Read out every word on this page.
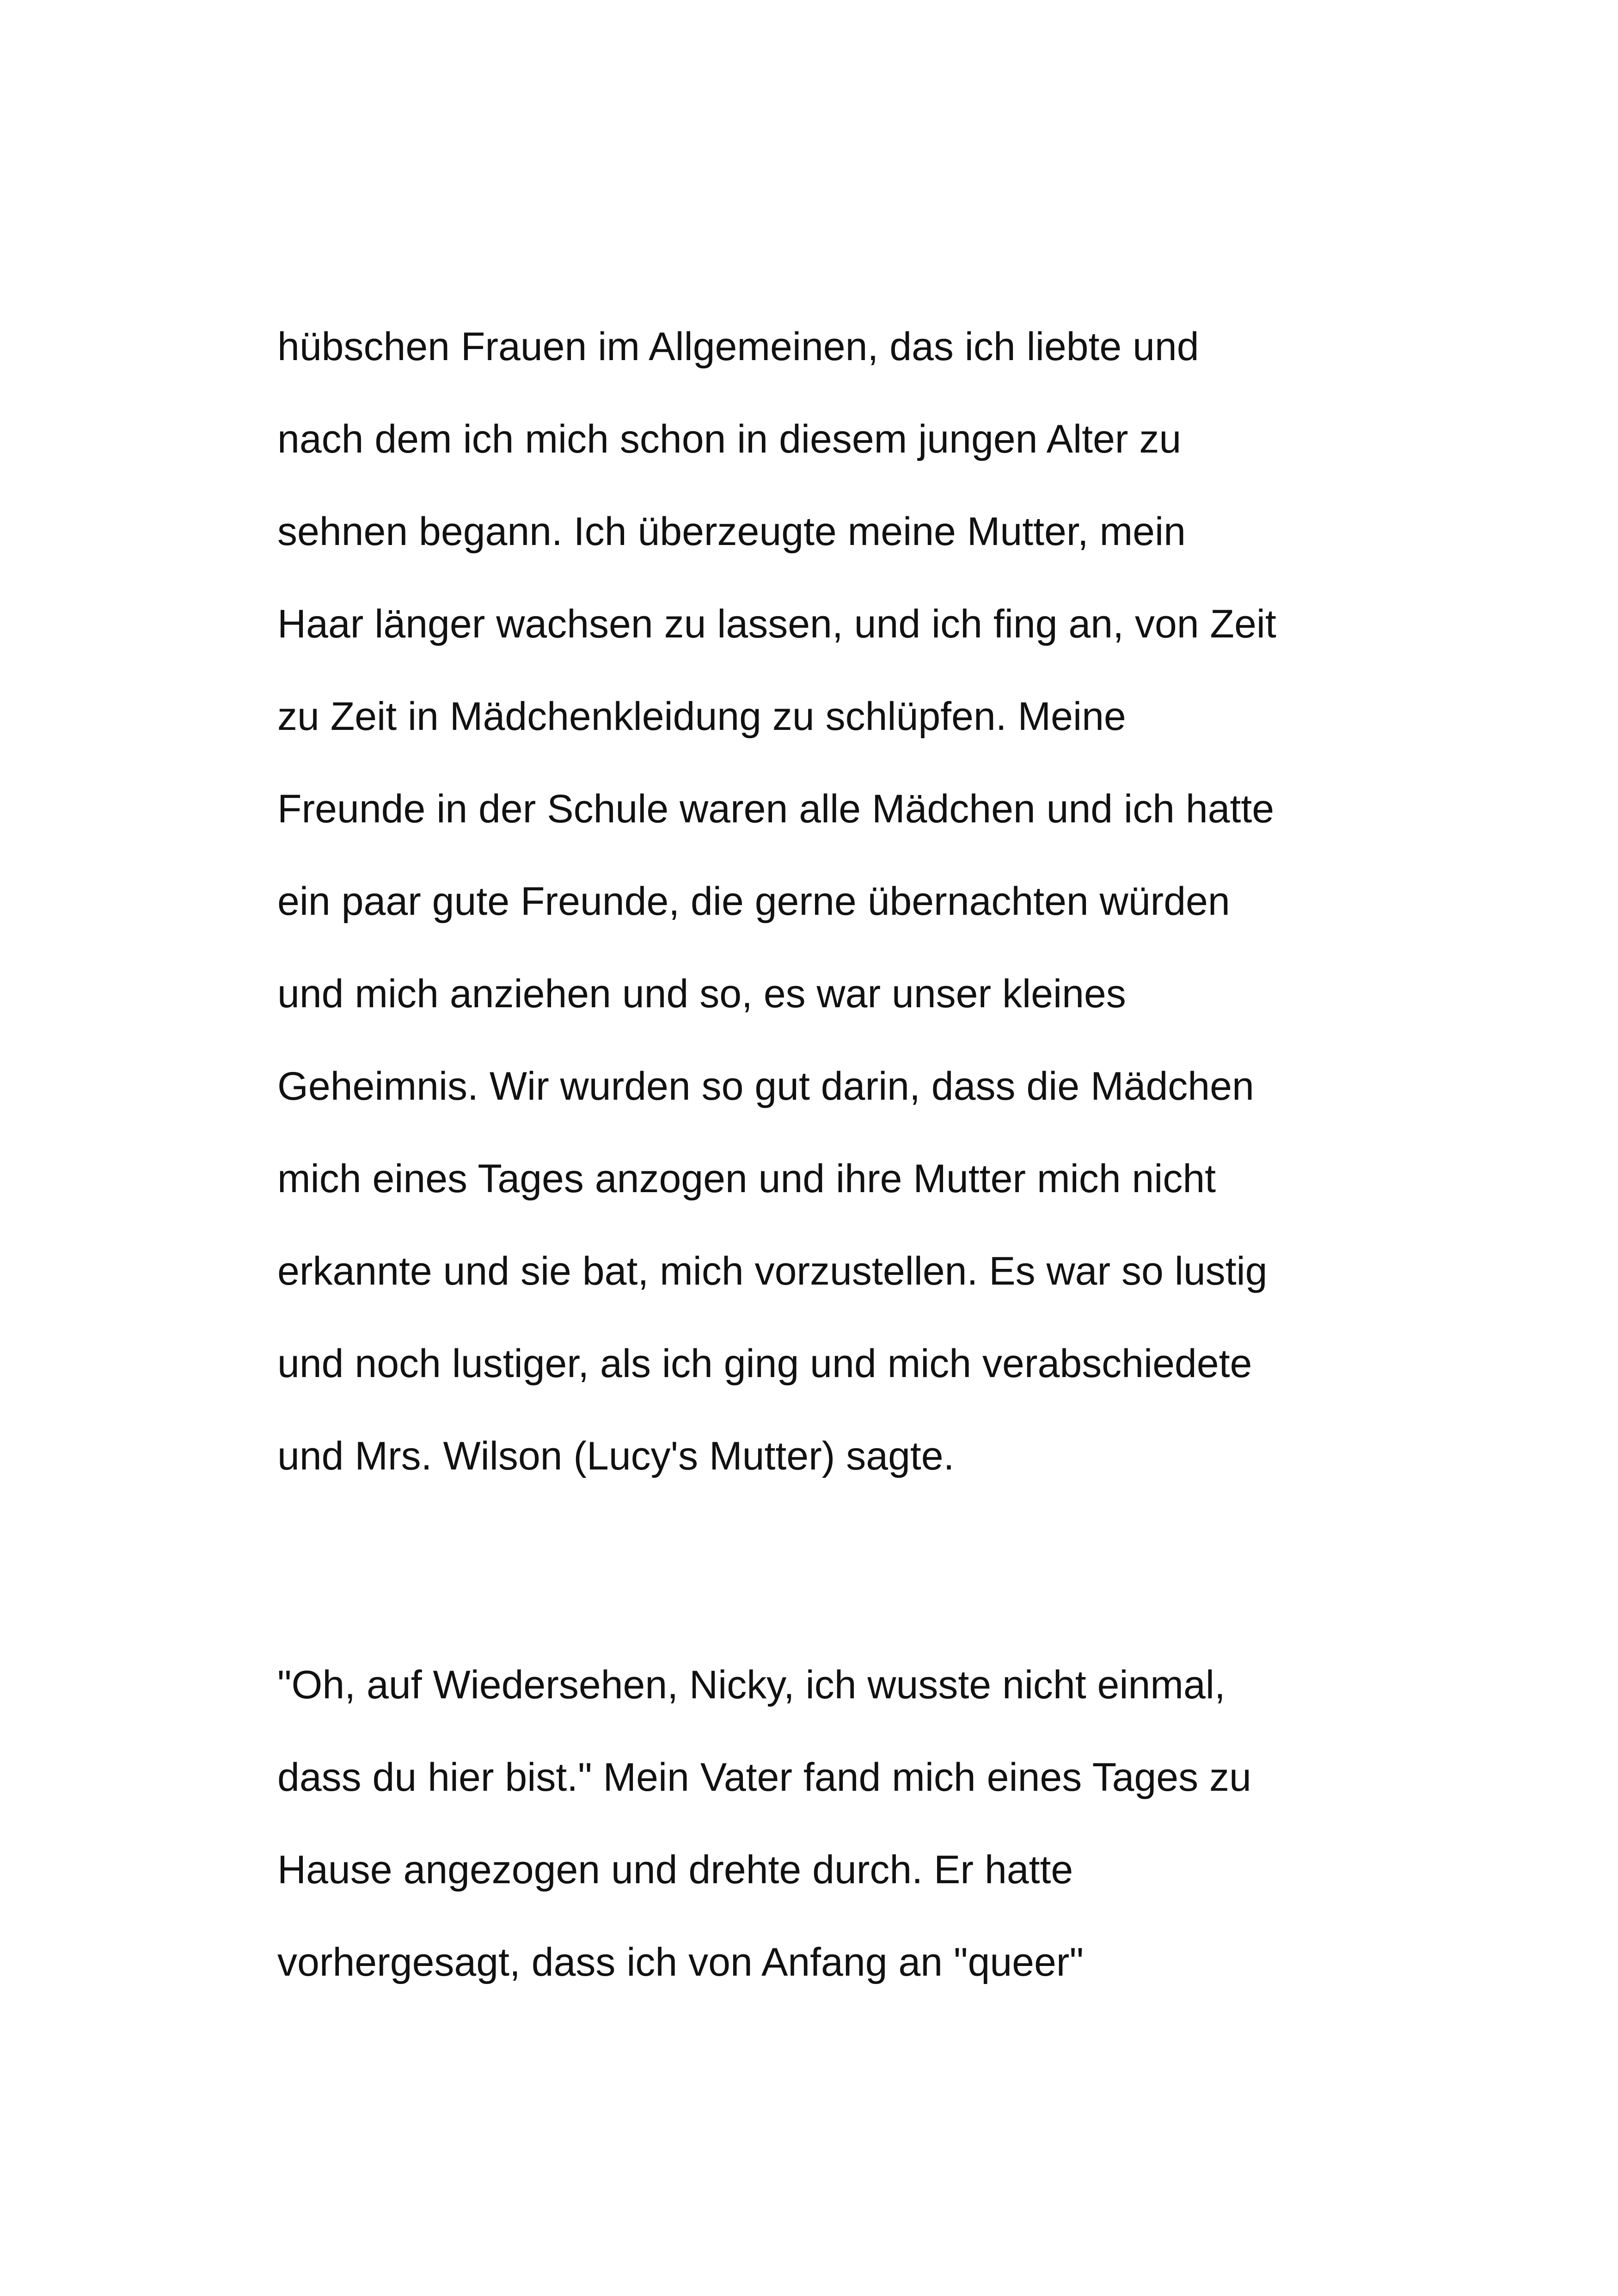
hübschen Frauen im Allgemeinen, das ich liebte und
nach dem ich mich schon in diesem jungen Alter zu
sehnen begann. Ich überzeugte meine Mutter, mein
Haar länger wachsen zu lassen, und ich fing an, von Zeit
zu Zeit in Mädchenkleidung zu schlüpfen. Meine
Freunde in der Schule waren alle Mädchen und ich hatte
ein paar gute Freunde, die gerne übernachten würden
und mich anziehen und so, es war unser kleines
Geheimnis. Wir wurden so gut darin, dass die Mädchen
mich eines Tages anzogen und ihre Mutter mich nicht
erkannte und sie bat, mich vorzustellen. Es war so lustig
und noch lustiger, als ich ging und mich verabschiedete
und Mrs. Wilson (Lucy's Mutter) sagte.
"Oh, auf Wiedersehen, Nicky, ich wusste nicht einmal,
dass du hier bist." Mein Vater fand mich eines Tages zu
Hause angezogen und drehte durch. Er hatte
vorhergesagt, dass ich von Anfang an "queer"
